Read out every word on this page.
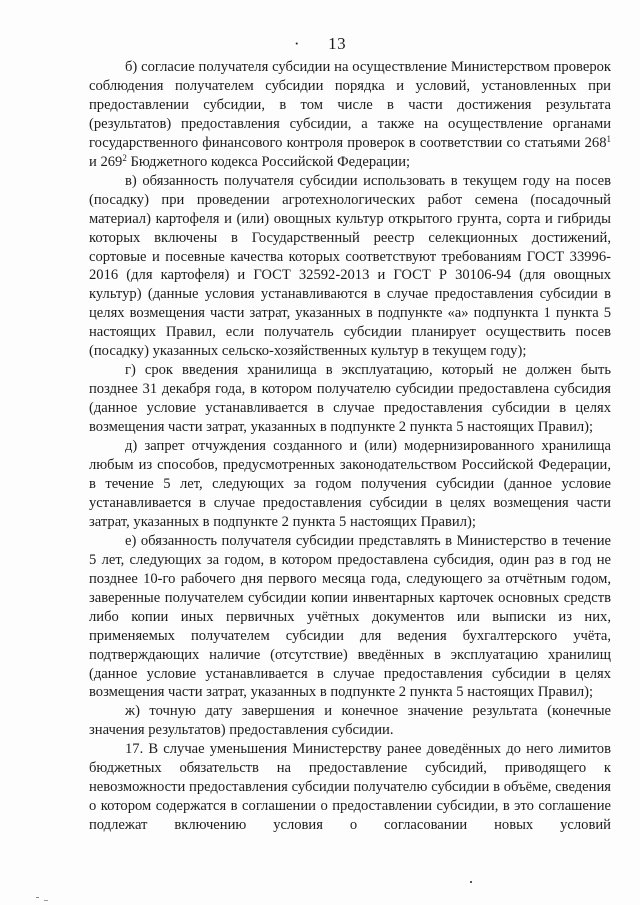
· 13

б) согласие получателя субсидии на осуществление Министерством проверок соблюдения получателем субсидии порядка и условий, установленных при предоставлении субсидии, в том числе в части достижения результата (результатов) предоставления субсидии, а также на осуществление органами государственного финансового контроля проверок в соответствии со статьями $268^1$ и $269^2$ Бюджетного кодекса Российской Федерации;

в) обязанность получателя субсидии использовать в текущем году на посев (посадку) при проведении агротехнологических работ семена (посадочный материал) картофеля и (или) овощных культур открытого грунта, сорта и гибриды которых включены в Государственный реестр селекционных достижений, сортовые и посевные качества которых соответствуют требованиям ГОСТ 33996-2016 (для картофеля) и ГОСТ 32592-2013 и ГОСТ Р 30106-94 (для овощных культур) (данные условия устанавливаются в случае предоставления субсидии в целях возмещения части затрат, указанных в подпункте «а» подпункта 1 пункта 5 настоящих Правил, если получатель субсидии планирует осуществить посев (посадку) указанных сельско-хозяйственных культур в текущем году);

г) срок введения хранилища в эксплуатацию, который не должен быть позднее 31 декабря года, в котором получателю субсидии предоставлена субсидия (данное условие устанавливается в случае предоставления субсидии в целях возмещения части затрат, указанных в подпункте 2 пункта 5 настоящих Правил);

д) запрет отчуждения созданного и (или) модернизированного хранилища любым из способов, предусмотренных законодательством Российской Федерации, в течение 5 лет, следующих за годом получения субсидии (данное условие устанавливается в случае предоставления субсидии в целях возмещения части затрат, указанных в подпункте 2 пункта 5 настоящих Правил);

е) обязанность получателя субсидии представлять в Министерство в течение 5 лет, следующих за годом, в котором предоставлена субсидия, один раз в год не позднее 10-го рабочего дня первого месяца года, следующего за отчётным годом, заверенные получателем субсидии копии инвентарных карточек основных средств либо копии иных первичных учётных документов или выписки из них, применяемых получателем субсидии для ведения бухгалтерского учёта, подтверждающих наличие (отсутствие) введённых в эксплуатацию хранилищ (данное условие устанавливается в случае предоставления субсидии в целях возмещения части затрат, указанных в подпункте 2 пункта 5 настоящих Правил);

ж) точную дату завершения и конечное значение результата (конечные значения результатов) предоставления субсидии.

17. В случае уменьшения Министерству ранее доведённых до него лимитов бюджетных обязательств на предоставление субсидий, приводящего к невозможности предоставления субсидии получателю субсидии в объёме, сведения о котором содержатся в соглашении о предоставлении субсидии, в это соглашение подлежат включению условия о согласовании новых условий
